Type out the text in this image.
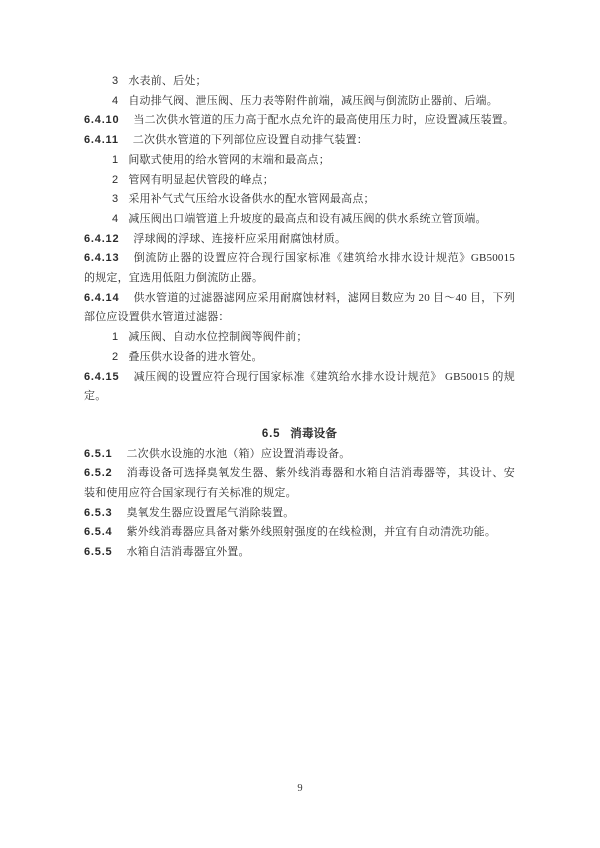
3 水表前、后处；

4 自动排气阀、泄压阀、压力表等附件前端，减压阀与倒流防止器前、后端。

6.4.10 当二次供水管道的压力高于配水点允许的最高使用压力时，应设置减压装置。

6.4.11 二次供水管道的下列部位应设置自动排气装置：

1 间歇式使用的给水管网的末端和最高点；

2 管网有明显起伏管段的峰点；

3 采用补气式气压给水设备供水的配水管网最高点；

4 减压阀出口端管道上升坡度的最高点和设有减压阀的供水系统立管顶端。

6.4.12 浮球阀的浮球、连接杆应采用耐腐蚀材质。

6.4.13 倒流防止器的设置应符合现行国家标准《建筑给水排水设计规范》GB50015 的规定，宜选用低阻力倒流防止器。

6.4.14 供水管道的过滤器滤网应采用耐腐蚀材料，滤网目数应为 20 目～40 目，下列部位应设置供水管道过滤器：

1 减压阀、自动水位控制阀等阀件前；

2 叠压供水设备的进水管处。

6.4.15 减压阀的设置应符合现行国家标准《建筑给水排水设计规范》 GB50015 的规定。

6.5 消毒设备

6.5.1 二次供水设施的水池（箱）应设置消毒设备。

6.5.2 消毒设备可选择臭氧发生器、紫外线消毒器和水箱自洁消毒器等，其设计、安装和使用应符合国家现行有关标准的规定。

6.5.3 臭氧发生器应设置尾气消除装置。

6.5.4 紫外线消毒器应具备对紫外线照射强度的在线检测，并宜有自动清洗功能。

6.5.5 水箱自洁消毒器宜外置。

9
